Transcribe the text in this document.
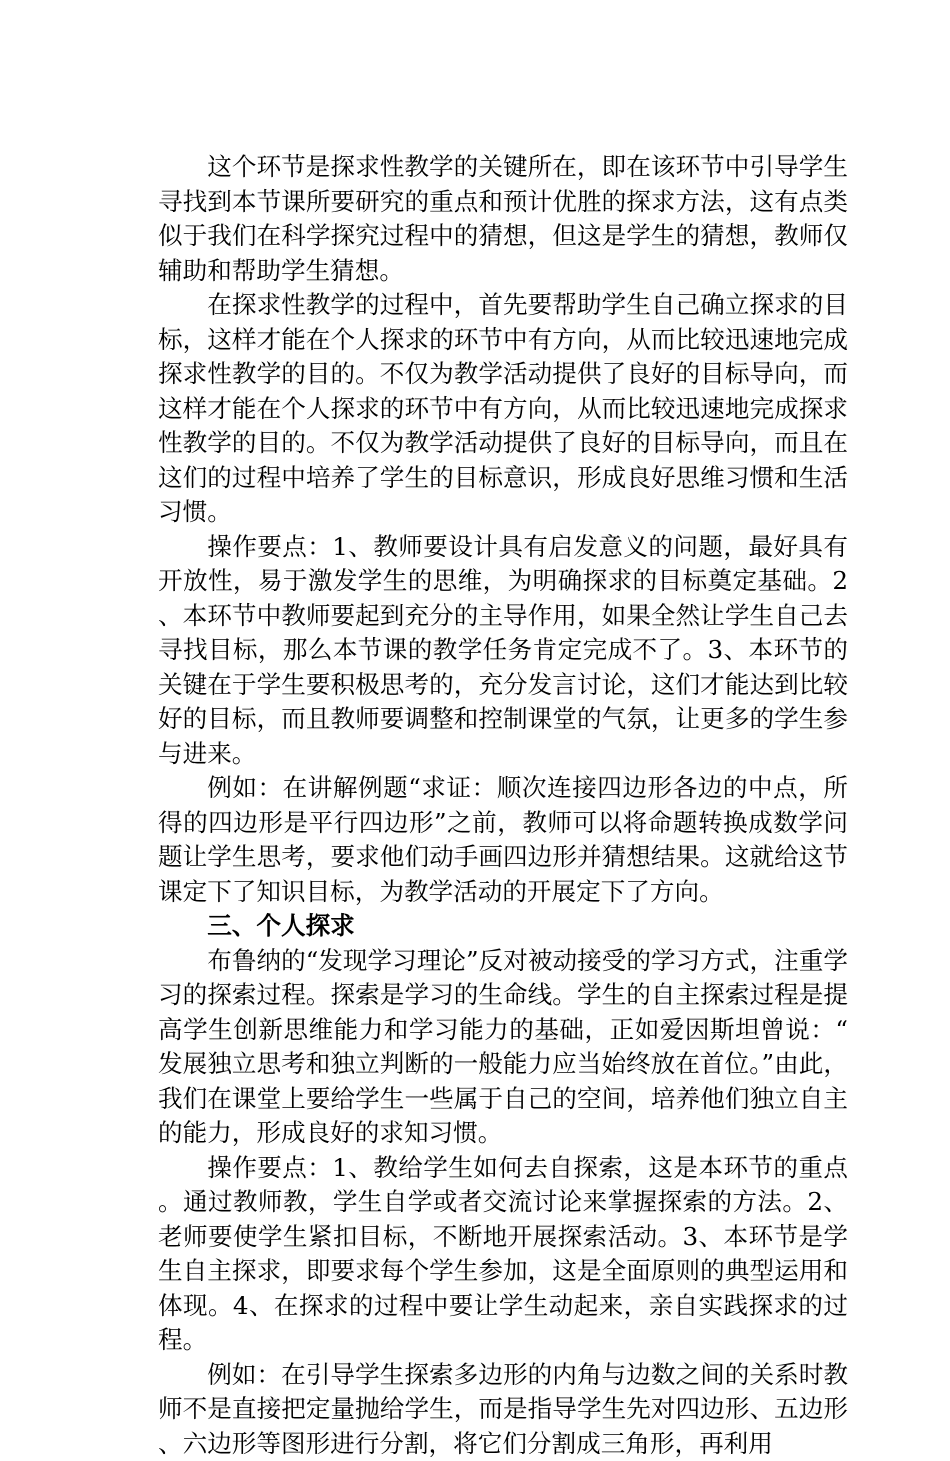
这个环节是探求性教学的关键所在，即在该环节中引导学生寻找到本节课所要研究的重点和预计优胜的探求方法，这有点类似于我们在科学探究过程中的猜想，但这是学生的猜想，教师仅辅助和帮助学生猜想。

在探求性教学的过程中，首先要帮助学生自己确立探求的目标，这样才能在个人探求的环节中有方向，从而比较迅速地完成探求性教学的目的。不仅为教学活动提供了良好的目标导向，而这样才能在个人探求的环节中有方向，从而比较迅速地完成探求性教学的目的。不仅为教学活动提供了良好的目标导向，而且在这们的过程中培养了学生的目标意识，形成良好思维习惯和生活习惯。

操作要点：1、教师要设计具有启发意义的问题，最好具有开放性，易于激发学生的思维，为明确探求的目标奠定基础。2、本环节中教师要起到充分的主导作用，如果全然让学生自己去寻找目标，那么本节课的教学任务肯定完成不了。3、本环节的关键在于学生要积极思考的，充分发言讨论，这们才能达到比较好的目标，而且教师要调整和控制课堂的气氛，让更多的学生参与进来。

例如：在讲解例题“求证：顺次连接四边形各边的中点，所得的四边形是平行四边形”之前，教师可以将命题转换成数学问题让学生思考，要求他们动手画四边形并猜想结果。这就给这节课定下了知识目标，为教学活动的开展定下了方向。

三、个人探求

布鲁纳的“发现学习理论”反对被动接受的学习方式，注重学习的探索过程。探索是学习的生命线。学生的自主探索过程是提高学生创新思维能力和学习能力的基础，正如爱因斯坦曾说：“发展独立思考和独立判断的一般能力应当始终放在首位。”由此，我们在课堂上要给学生一些属于自己的空间，培养他们独立自主的能力，形成良好的求知习惯。

操作要点：1、教给学生如何去自探索，这是本环节的重点。通过教师教，学生自学或者交流讨论来掌握探索的方法。2、老师要使学生紧扣目标，不断地开展探索活动。3、本环节是学生自主探求，即要求每个学生参加，这是全面原则的典型运用和体现。4、在探求的过程中要让学生动起来，亲自实践探求的过程。

例如：在引导学生探索多边形的内角与边数之间的关系时教师不是直接把定量抛给学生，而是指导学生先对四边形、五边形、六边形等图形进行分割，将它们分割成三角形，再利用
